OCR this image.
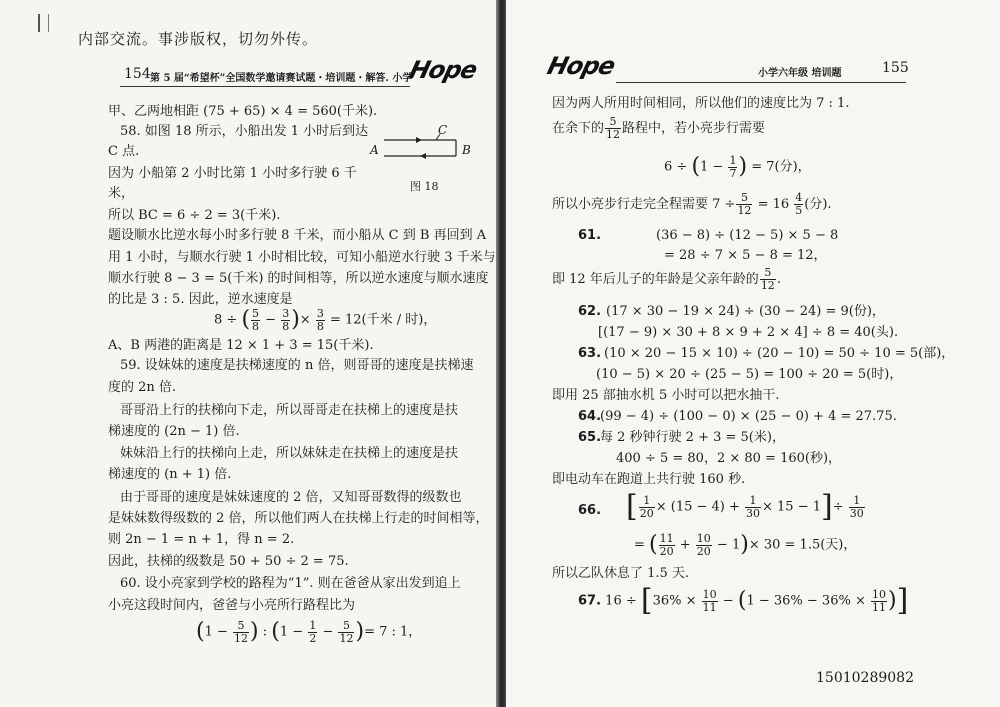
内部交流。事涉版权，切勿外传。
154 第 5 届“希望杯”全国数学邀请赛试题・培训题・解答. 小学
Hope
A	B
C
图 18
甲、乙两地相距 (75 + 65) × 4 = 560(千米).
58. 如图 18 所示，小船出发 1 小时后到达
C 点.
因为 小船第 2 小时比第 1 小时多行驶 6 千
米，
所以 BC = 6 ÷ 2 = 3(千米).
题设顺水比逆水每小时多行驶 8 千米，而小船从 C 到 B 再回到 A
用 1 小时，与顺水行驶 1 小时相比较，可知小船逆水行驶 3 千米与
顺水行驶 8 − 3 = 5(千米) 的时间相等，所以逆水速度与顺水速度
的比是 3 : 5. 因此，逆水速度是
8 ÷ ( $\frac{5}{8} - \frac{3}{8}$ )× $\frac{3}{8} = 12$(千米 / 时)，
A、B 两港的距离是 12 × 1 + 3 = 15(千米).
59. 设妹妹的速度是扶梯速度的 n 倍，则哥哥的速度是扶梯速
度的 2n 倍.
哥哥沿上行的扶梯向下走，所以哥哥走在扶梯上的速度是扶
梯速度的 (2n − 1) 倍.
妹妹沿上行的扶梯向上走，所以妹妹走在扶梯上的速度是扶
梯速度的 (n + 1) 倍.
由于哥哥的速度是妹妹速度的 2 倍，又知哥哥数得的级数也
是妹妹数得级数的 2 倍，所以他们两人在扶梯上行走的时间相等，
则 2n − 1 = n + 1，得 n = 2.
因此，扶梯的级数是 50 + 50 ÷ 2 = 75.
60. 设小亮家到学校的路程为“1”. 则在爸爸从家出发到追上
小亮这段时间内，爸爸与小亮所行路程比为
($1 - \frac{5}{12}$ ) : ($1 - \frac{1}{2} - \frac{5}{12}$ )= 7 : 1，
Hope	小学六年级 培训题	155
因为两人所用时间相同，所以他们的速度比为 7 : 1.
在余下的 $\frac{5}{12}$ 路程中，若小亮步行需要
$6 \div (1 - \frac{1}{7}$ ) = 7(分)，
所以小亮步行走完全程需要 $7 \div \frac{5}{12} = 16 \frac{4}{5}$ (分).
61.	(36 − 8) ÷ (12 − 5) × 5 − 8
= 28 ÷ 7 × 5 − 8 = 12，
即 12 年后儿子的年龄是父亲年龄的 $\frac{5}{12}$ .
62. (17 × 30 − 19 × 24) ÷ (30 − 24) = 9(份)，
[(17 − 9) × 30 + 8 × 9 + 2 × 4] ÷ 8 = 40(头).
63. (10 × 20 − 15 × 10) ÷ (20 − 10) = 50 ÷ 10 = 5(部)，
(10 − 5) × 20 ÷ (25 − 5) = 100 ÷ 20 = 5(时)，
即用 25 部抽水机 5 小时可以把水抽干.
64.
(99 − 4) ÷ (100 − 0) × (25 − 0) + 4 = 27.75.
65.
每 2 秒钟行驶 2 + 3 = 5(米)，
400 ÷ 5 = 80，2 × 80 = 160(秒)，
即电动车在跑道上共行驶 160 秒.
66. [ $\frac{1}{20} \times (15 - 4) + \frac{1}{30} \times 15 - 1]\div \frac{1}{30}$
= ( $\frac{11}{20} + \frac{10}{20} - 1)\times 30 = 1.5$(天)，
所以乙队休息了 1.5 天.
67. $16 \div [36\% \times \frac{10}{11} - (1 - 36\% - 36\% \times \frac{10}{11}$ )]
15010289082
